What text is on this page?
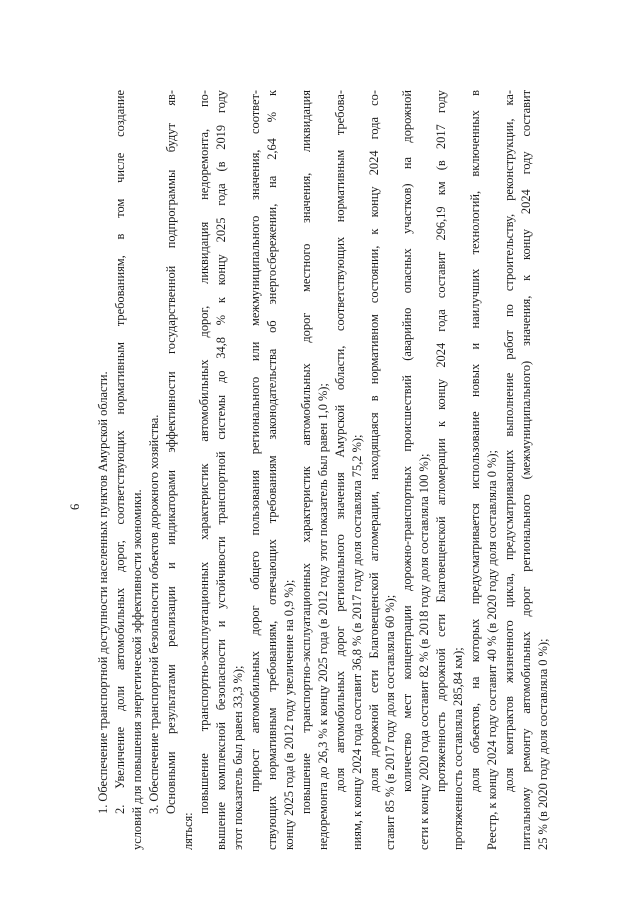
6 1. Обеспечение транспортной доступности населенных пунктов Амурской области. 2. Увеличение доли автомобильных дорог, соответствующих нормативным требованиям, в том числе создание условий для повышения энергетической эффективности экономики. 3. Обеспечение транспортной безопасности объектов дорожного хозяйства. Основными результатами реализации и индикаторами эффективности государственной подпрограммы будут яв-
ляться:
повышение транспортно-эксплуатационных характеристик автомобильных дорог, ликвидация недоремонта, по- вышение комплексной безопасности и устойчивости транспортной системы до 34,8 % к концу 2025 года (в 2019 году этот показатель был равен 33,3 %); прирост автомобильных дорог общего пользования регионального или межмуниципального значения, соответ- ствующих нормативным требованиям, отвечающих требованиям законодательства об энергосбережении, на 2,64 % к концу 2025 года (в 2012 году увеличение на 0,9 %); повышение транспортно-эксплуатационных характеристик автомобильных дорог местного значения, ликвидация недоремонта до 26,3 % к концу 2025 года (в 2012 году этот показатель был равен 1,0 %); доля автомобильных дорог регионального значения Амурской области, соответствующих нормативным требова- ниям, к концу 2024 года составит 36,8 % (в 2017 году доля составляла 75,2 %); доля дорожной сети Благовещенской агломерации, находящаяся в нормативном состоянии, к концу 2024 года со- ставит 85 % (в 2017 году доля составляла 60 %); количество мест концентрации дорожно-транспортных происшествий (аварийно опасных участков) на дорожной сети к концу 2020 года составит 82 % (в 2018 году доля составляла 100 %); протяженность дорожной сети Благовещенской агломерации к концу 2024 года составит 296,19 км (в 2017 году протяженность составляла 285,84 км); доля объектов, на которых предусматривается использование новых и наилучших технологий, включенных в Реестр, к концу 2024 году составит 40 % (в 2020 году доля составляла 0 %); доля контрактов жизненного цикла, предусматривающих выполнение работ по строительству, реконструкции, ка- питальному ремонту автомобильных дорог регионального (межмуниципального) значения, к концу 2024 году составит 25 % (в 2020 году доля составляла 0 %);
